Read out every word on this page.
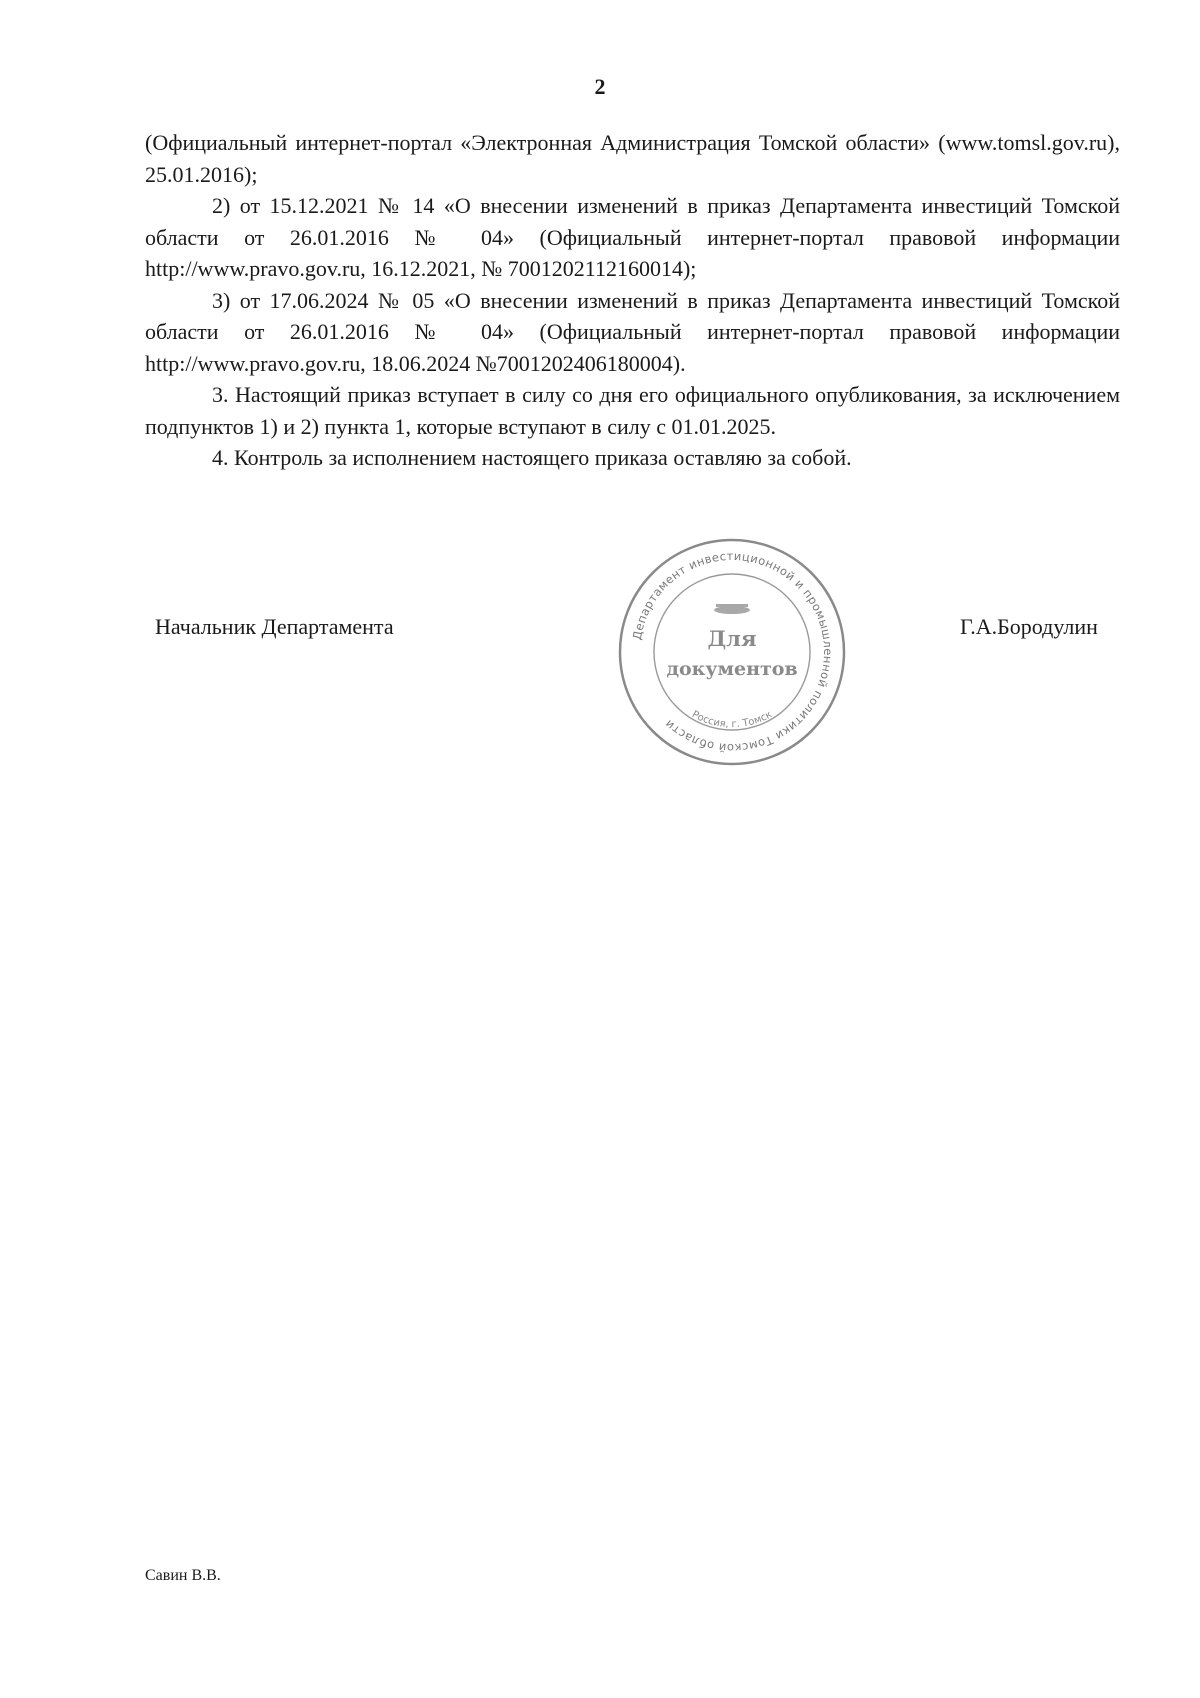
2

(Официальный интернет-портал «Электронная Администрация Томской области» (www.tomsl.gov.ru), 25.01.2016);

2) от 15.12.2021 № 14 «О внесении изменений в приказ Департамента инвестиций Томской области от 26.01.2016 № 04» (Официальный интернет-портал правовой информации http://www.pravo.gov.ru, 16.12.2021, № 7001202112160014);

3) от 17.06.2024 № 05 «О внесении изменений в приказ Департамента инвестиций Томской области от 26.01.2016 № 04» (Официальный интернет-портал правовой информации http://www.pravo.gov.ru, 18.06.2024 №7001202406180004).

3. Настоящий приказ вступает в силу со дня его официального опубликования, за исключением подпунктов 1) и 2) пункта 1, которые вступают в силу с 01.01.2025.

4. Контроль за исполнением настоящего приказа оставляю за собой.

Начальник Департамента	Департамент инвестиционной и промышленной политики Томской области
Россия, г. Томск
Для
документов
Г.А.Бородулин
Савин В.В.
